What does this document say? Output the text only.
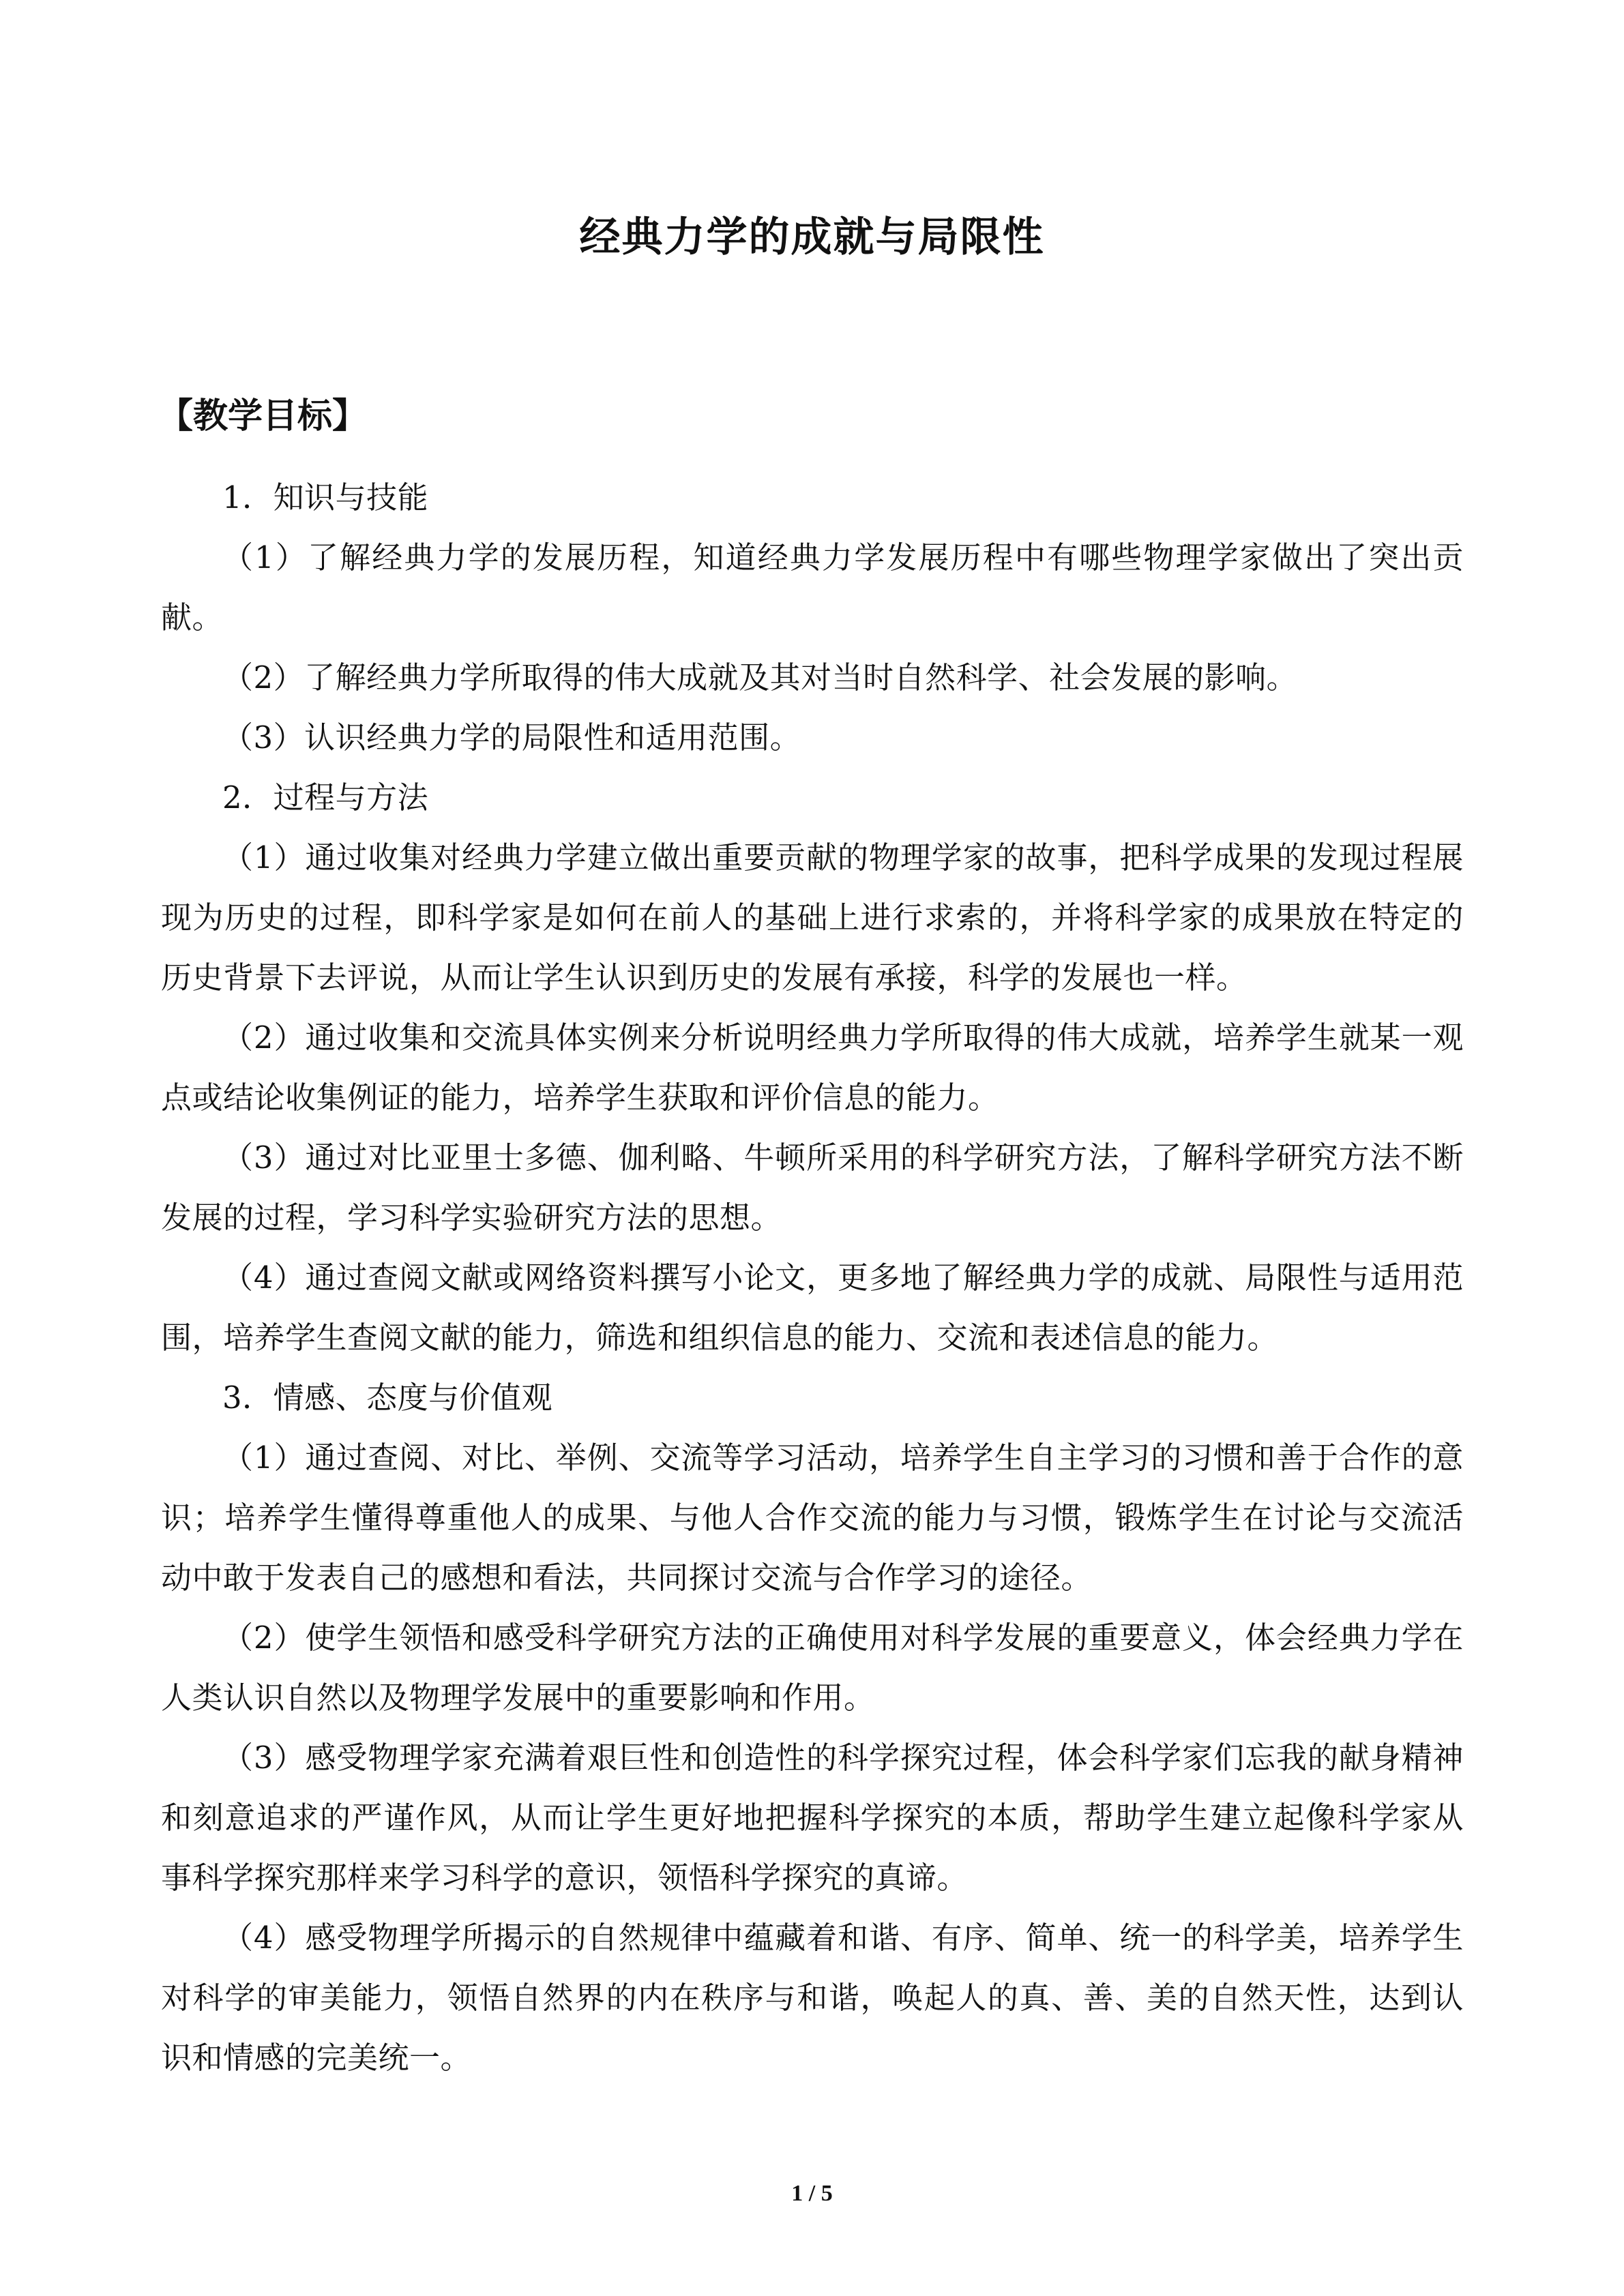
经典力学的成就与局限性
【教学目标】
1．知识与技能
（1）了解经典力学的发展历程，知道经典力学发展历程中有哪些物理学家做出了突出贡献。
（2）了解经典力学所取得的伟大成就及其对当时自然科学、社会发展的影响。
（3）认识经典力学的局限性和适用范围。
2．过程与方法
（1）通过收集对经典力学建立做出重要贡献的物理学家的故事，把科学成果的发现过程展现为历史的过程，即科学家是如何在前人的基础上进行求索的，并将科学家的成果放在特定的历史背景下去评说，从而让学生认识到历史的发展有承接，科学的发展也一样。
（2）通过收集和交流具体实例来分析说明经典力学所取得的伟大成就，培养学生就某一观点或结论收集例证的能力，培养学生获取和评价信息的能力。
（3）通过对比亚里士多德、伽利略、牛顿所采用的科学研究方法，了解科学研究方法不断发展的过程，学习科学实验研究方法的思想。
（4）通过查阅文献或网络资料撰写小论文，更多地了解经典力学的成就、局限性与适用范围，培养学生查阅文献的能力，筛选和组织信息的能力、交流和表述信息的能力。
3．情感、态度与价值观
（1）通过查阅、对比、举例、交流等学习活动，培养学生自主学习的习惯和善于合作的意识；培养学生懂得尊重他人的成果、与他人合作交流的能力与习惯，锻炼学生在讨论与交流活动中敢于发表自己的感想和看法，共同探讨交流与合作学习的途径。
（2）使学生领悟和感受科学研究方法的正确使用对科学发展的重要意义，体会经典力学在人类认识自然以及物理学发展中的重要影响和作用。
（3）感受物理学家充满着艰巨性和创造性的科学探究过程，体会科学家们忘我的献身精神和刻意追求的严谨作风，从而让学生更好地把握科学探究的本质，帮助学生建立起像科学家从事科学探究那样来学习科学的意识，领悟科学探究的真谛。
（4）感受物理学所揭示的自然规律中蕴藏着和谐、有序、简单、统一的科学美，培养学生对科学的审美能力，领悟自然界的内在秩序与和谐，唤起人的真、善、美的自然天性，达到认识和情感的完美统一。
1 / 5
